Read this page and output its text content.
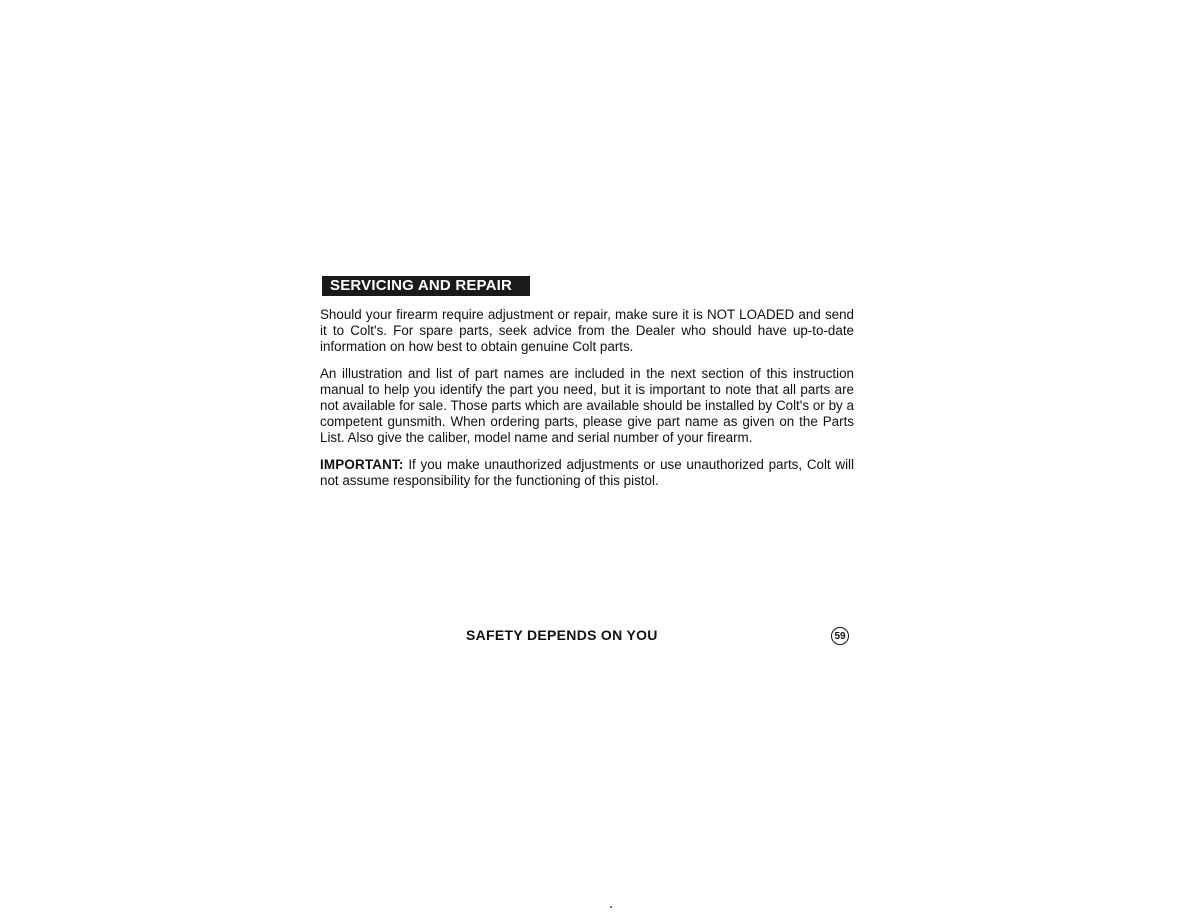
SERVICING AND REPAIR

Should your firearm require adjustment or repair, make sure it is NOT LOADED and send it to Colt's. For spare parts, seek advice from the Dealer who should have up-to-date information on how best to obtain genuine Colt parts.

An illustration and list of part names are included in the next section of this instruction manual to help you identify the part you need, but it is important to note that all parts are not available for sale. Those parts which are available should be installed by Colt's or by a competent gunsmith. When ordering parts, please give part name as given on the Parts List. Also give the caliber, model name and serial number of your firearm.

IMPORTANT: If you make unauthorized adjustments or use unauthorized parts, Colt will not assume responsibility for the functioning of this pistol.

SAFETY DEPENDS ON YOU	59
